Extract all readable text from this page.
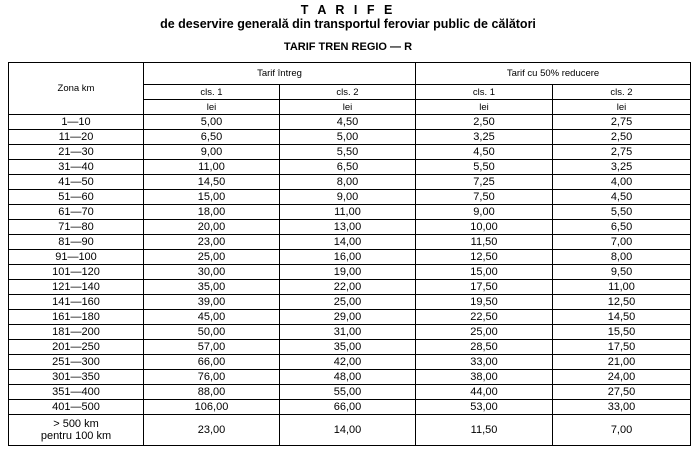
T A R I F E
de deservire generală din transportul feroviar public de călători
TARIF TREN REGIO — R
Zona km	Tarif întreg		Tarif cu 50% reducere	
	cls. 1	cls. 2	cls. 1	cls. 2
	lei	lei	lei	lei
1—10	5,00	4,50	2,50	2,75
11—20	6,50	5,00	3,25	2,50
21—30	9,00	5,50	4,50	2,75
31—40	11,00	6,50	5,50	3,25
41—50	14,50	8,00	7,25	4,00
51—60	15,00	9,00	7,50	4,50
61—70	18,00	11,00	9,00	5,50
71—80	20,00	13,00	10,00	6,50
81—90	23,00	14,00	11,50	7,00
91—100	25,00	16,00	12,50	8,00
101—120	30,00	19,00	15,00	9,50
121—140	35,00	22,00	17,50	11,00
141—160	39,00	25,00	19,50	12,50
161—180	45,00	29,00	22,50	14,50
181—200	50,00	31,00	25,00	15,50
201—250	57,00	35,00	28,50	17,50
251—300	66,00	42,00	33,00	21,00
301—350	76,00	48,00	38,00	24,00
351—400	88,00	55,00	44,00	27,50
401—500	106,00	66,00	53,00	33,00
> 500 km
pentru 100 km	23,00	14,00	11,50	7,00
